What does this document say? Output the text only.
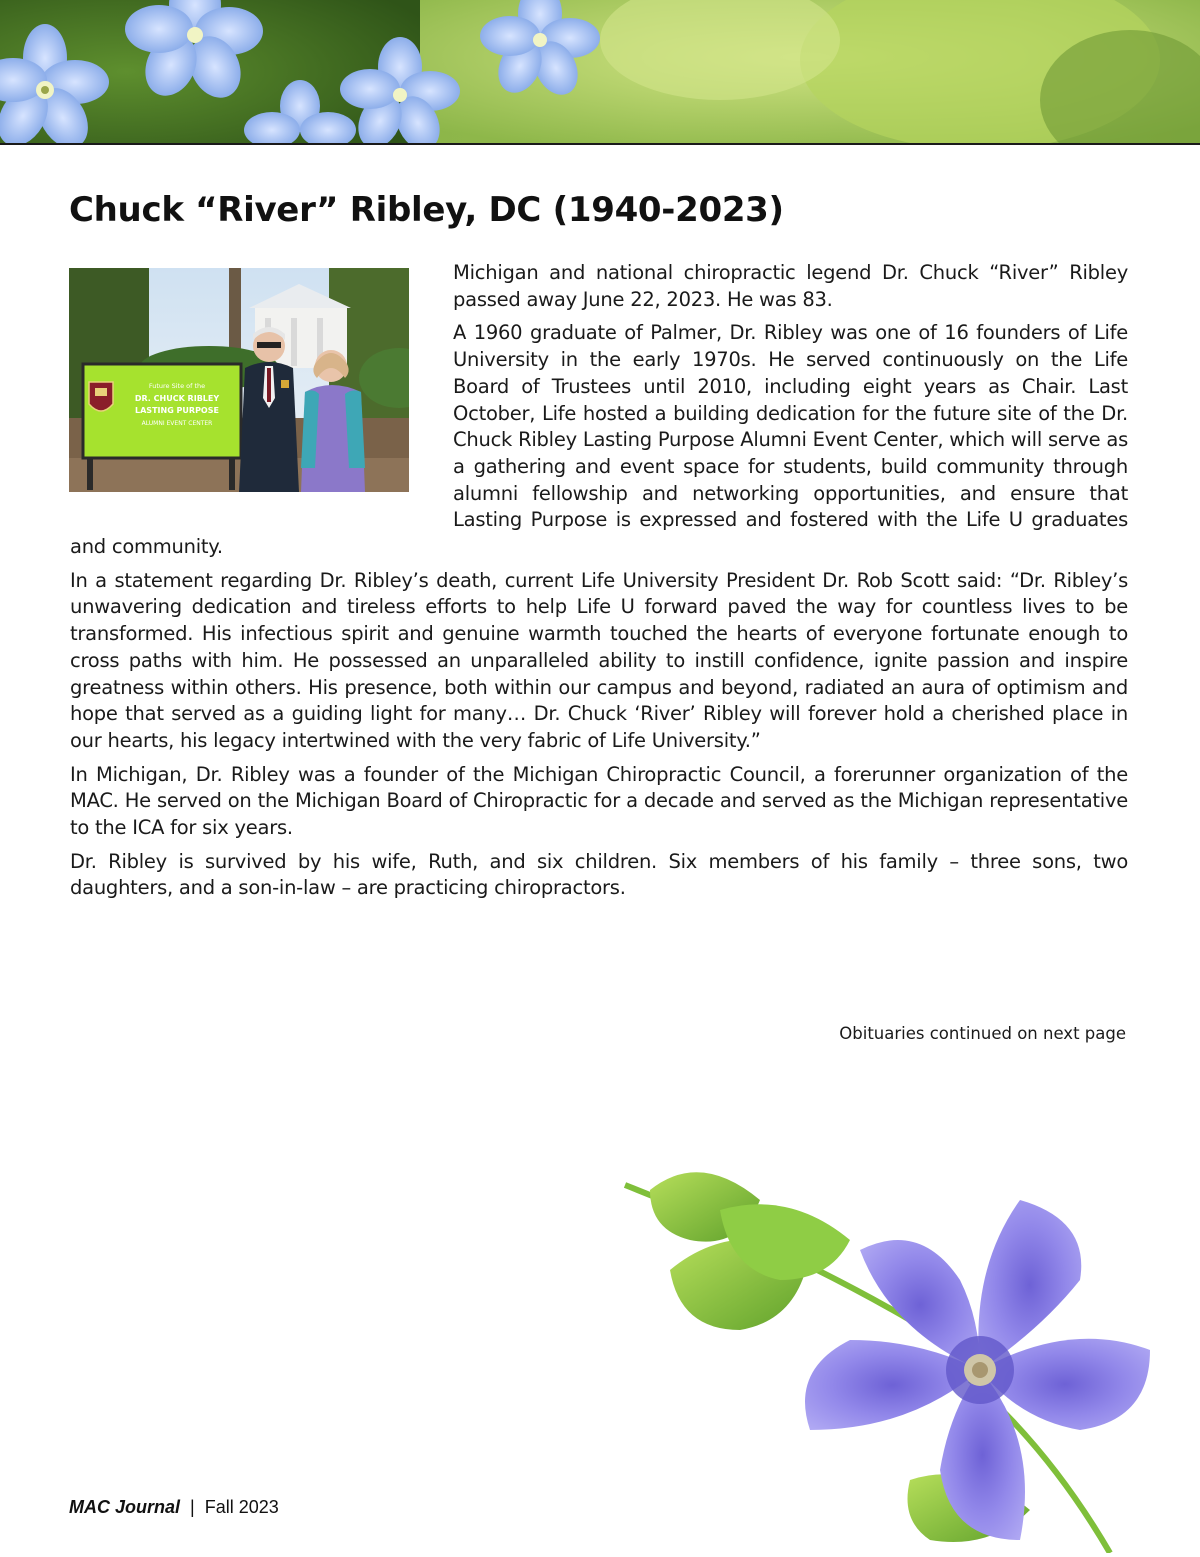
Chuck “River” Ribley, DC (1940-2023)
Future Site of the
DR. CHUCK RIBLEY
LASTING PURPOSE
ALUMNI EVENT CENTER

Michigan and national chiropractic legend Dr. Chuck “River” Ribley passed away June 22, 2023. He was 83.

A 1960 graduate of Palmer, Dr. Ribley was one of 16 founders of Life University in the early 1970s. He served continuously on the Life Board of Trustees until 2010, including eight years as Chair. Last October, Life hosted a building dedication for the future site of the Dr. Chuck Ribley Lasting Purpose Alumni Event Center, which will serve as a gathering and event space for students, build community through alumni fellowship and networking opportunities, and ensure that Lasting Purpose is expressed and fostered with the Life U graduates and community.

In a statement regarding Dr. Ribley’s death, current Life University President Dr. Rob Scott said: “Dr. Ribley’s unwavering dedication and tireless efforts to help Life U forward paved the way for countless lives to be transformed. His infectious spirit and genuine warmth touched the hearts of everyone fortunate enough to cross paths with him. He possessed an unparalleled ability to instill confidence, ignite passion and inspire greatness within others. His presence, both within our campus and beyond, radiated an aura of optimism and hope that served as a guiding light for many… Dr. Chuck ‘River’ Ribley will forever hold a cherished place in our hearts, his legacy intertwined with the very fabric of Life University.”

In Michigan, Dr. Ribley was a founder of the Michigan Chiropractic Council, a forerunner organization of the MAC. He served on the Michigan Board of Chiropractic for a decade and served as the Michigan representative to the ICA for six years.

Dr. Ribley is survived by his wife, Ruth, and six children. Six members of his family – three sons, two daughters, and a son-in-law – are practicing chiropractors.

Obituaries continued on next page
MAC Journal | Fall 2023
